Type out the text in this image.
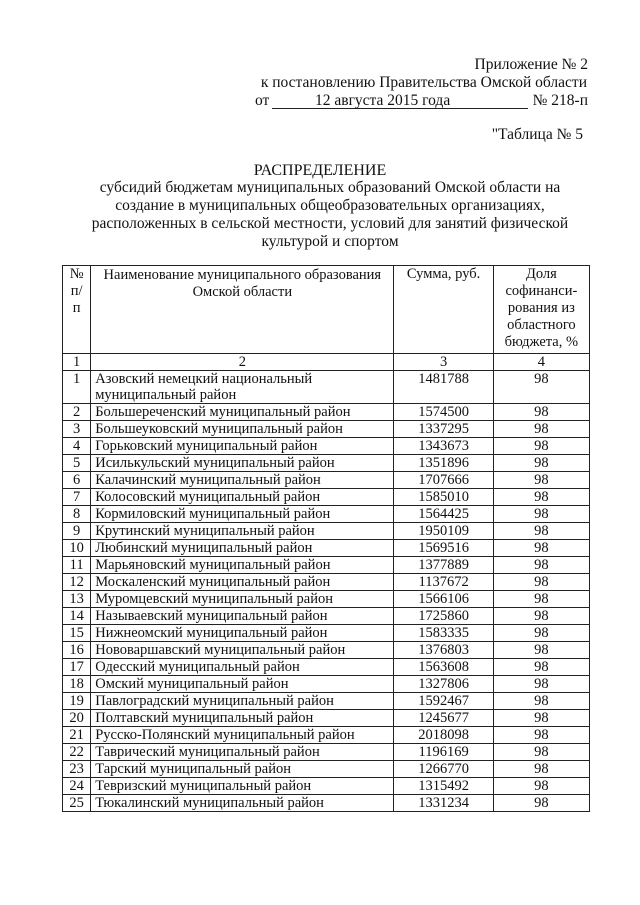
Приложение № 2
к постановлению Правительства Омской области
от	12 августа 2015 года	№ 218-п
"Таблица № 5
РАСПРЕДЕЛЕНИЕ
субсидий бюджетам муниципальных образований Омской области на создание в муниципальных общеобразовательных организациях, расположенных в сельской местности, условий для занятий физической культурой и спортом
№ п/п	Наименование муниципального образования Омской области	Сумма, руб.	Доля софинанси-рования из областного бюджета, %
1	2	3	4
1	Азовский немецкий национальный муниципальный район	1481788	98
2	Большереченский муниципальный район	1574500	98
3	Большеуковский муниципальный район	1337295	98
4	Горьковский муниципальный район	1343673	98
5	Исилькульский муниципальный район	1351896	98
6	Калачинский муниципальный район	1707666	98
7	Колосовский муниципальный район	1585010	98
8	Кормиловский муниципальный район	1564425	98
9	Крутинский муниципальный район	1950109	98
10	Любинский муниципальный район	1569516	98
11	Марьяновский муниципальный район	1377889	98
12	Москаленский муниципальный район	1137672	98
13	Муромцевский муниципальный район	1566106	98
14	Называевский муниципальный район	1725860	98
15	Нижнеомский муниципальный район	1583335	98
16	Нововаршавский муниципальный район	1376803	98
17	Одесский муниципальный район	1563608	98
18	Омский муниципальный район	1327806	98
19	Павлоградский муниципальный район	1592467	98
20	Полтавский муниципальный район	1245677	98
21	Русско-Полянский муниципальный район	2018098	98
22	Таврический муниципальный район	1196169	98
23	Тарский муниципальный район	1266770	98
24	Тевризский муниципальный район	1315492	98
25	Тюкалинский муниципальный район	1331234	98
